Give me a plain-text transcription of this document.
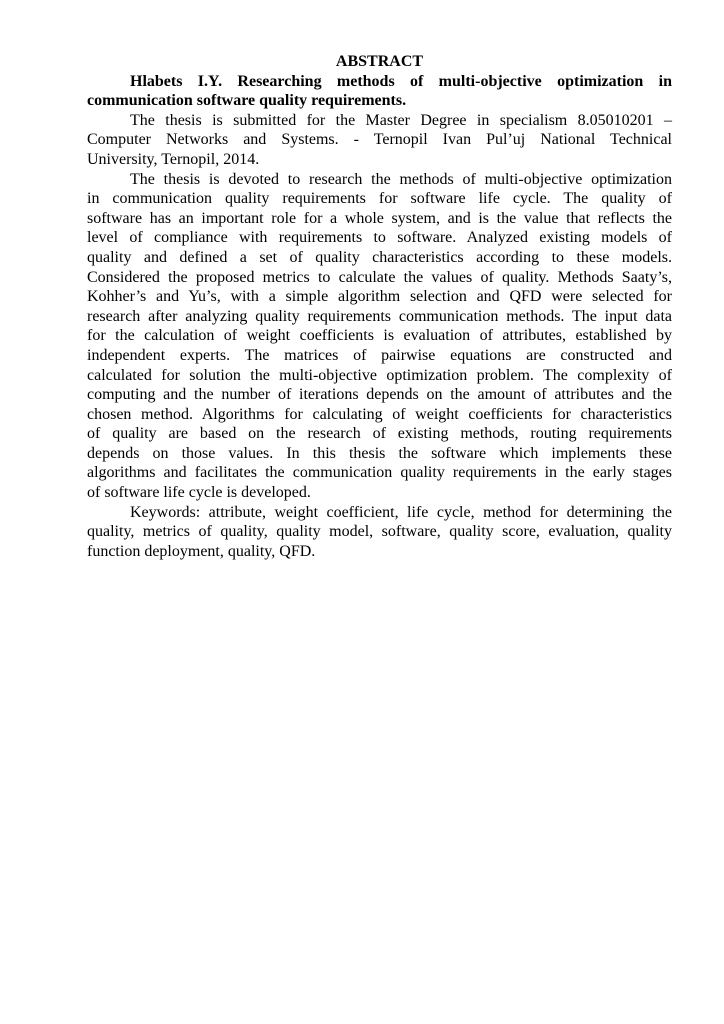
ABSTRACT
Hlabets I.Y. Researching methods of multi-objective optimization in
communication software quality requirements.
The thesis is submitted for the Master Degree in specialism 8.05010201 –
Computer Networks and Systems. - Ternopil Ivan Pul’uj National Technical
University, Ternopil, 2014.
The thesis is devoted to research the methods of multi-objective optimization
in communication quality requirements for software life cycle. The quality of
software has an important role for a whole system, and is the value that reflects the
level of compliance with requirements to software. Analyzed existing models of
quality and defined a set of quality characteristics according to these models.
Considered the proposed metrics to calculate the values of quality. Methods Saaty’s,
Kohher’s and Yu’s, with a simple algorithm selection and QFD were selected for
research after analyzing quality requirements communication methods. The input data
for the calculation of weight coefficients is evaluation of attributes, established by
independent experts. The matrices of pairwise equations are constructed and
calculated for solution the multi-objective optimization problem. The complexity of
computing and the number of iterations depends on the amount of attributes and the
chosen method. Algorithms for calculating of weight coefficients for characteristics
of quality are based on the research of existing methods, routing requirements
depends on those values. In this thesis the software which implements these
algorithms and facilitates the communication quality requirements in the early stages
of software life cycle is developed.
Keywords: attribute, weight coefficient, life cycle, method for determining the
quality, metrics of quality, quality model, software, quality score, evaluation, quality
function deployment, quality, QFD.
